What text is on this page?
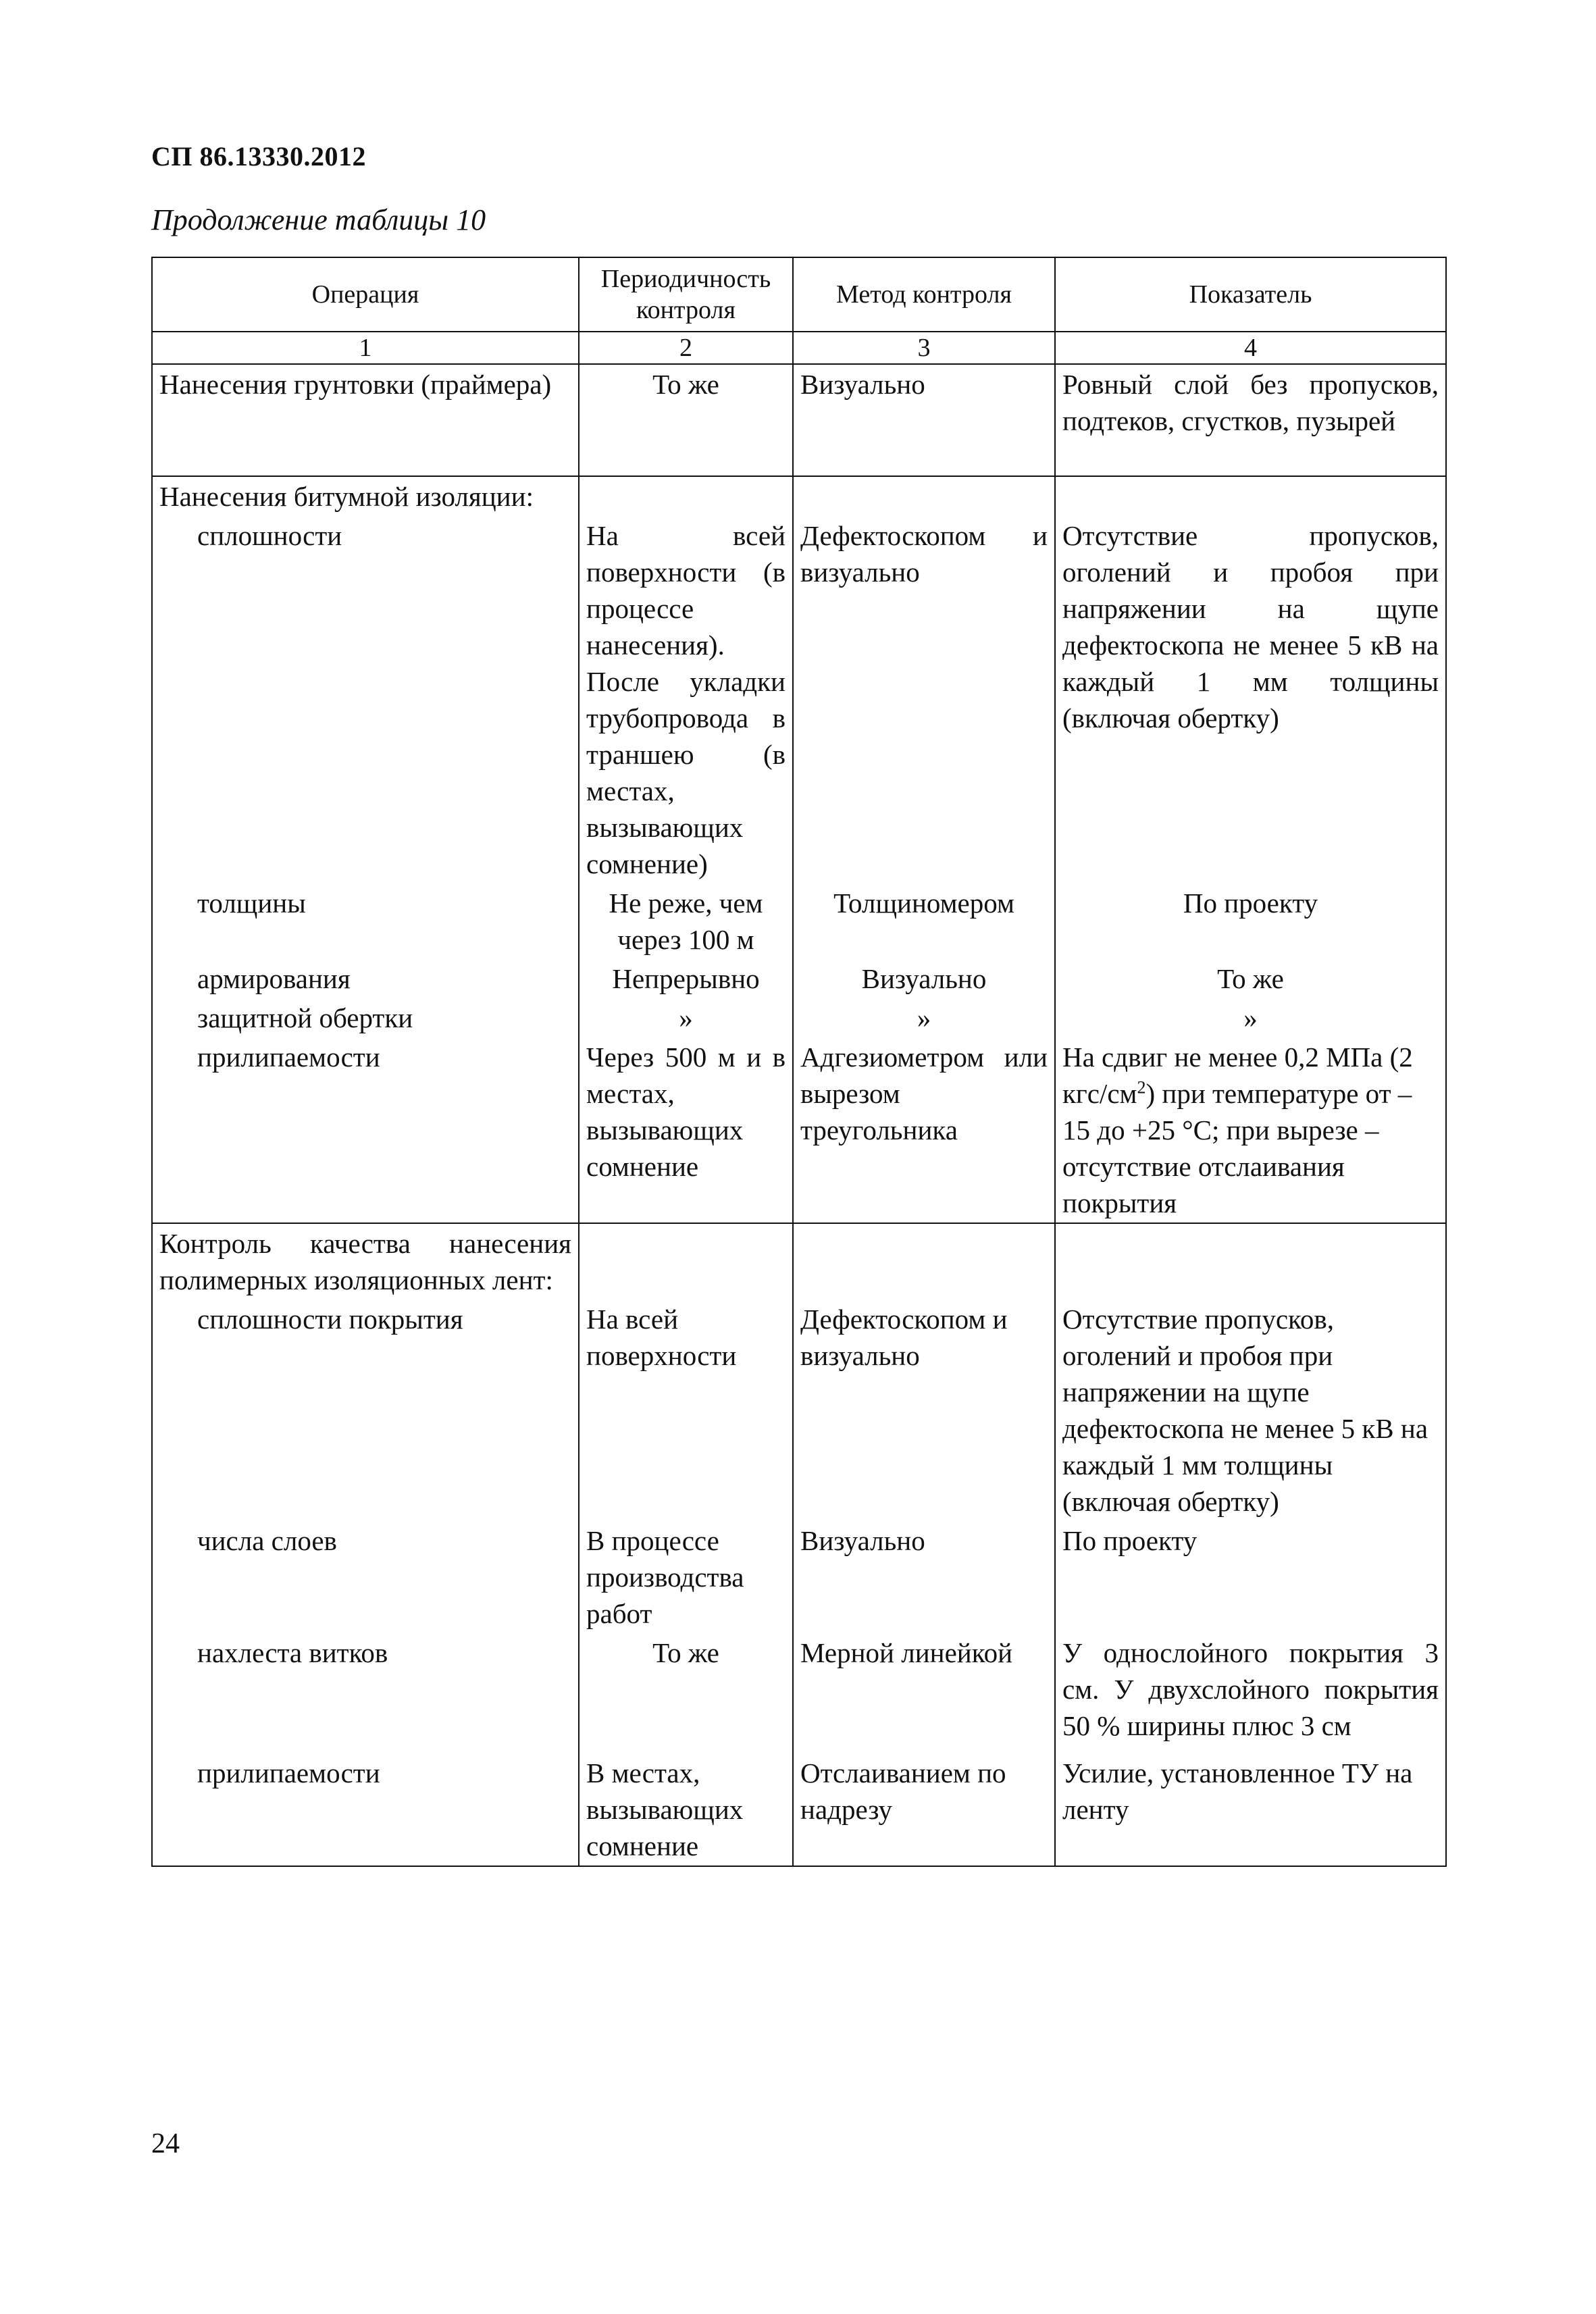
СП 86.13330.2012
Продолжение таблицы 10
Операция	Периодичность контроля	Метод контроля	Показатель
1	2	3	4
Нанесения грунтовки (праймера)	То же	Визуально	Ровный слой без пропусков, подтеков, сгустков, пузырей
Нанесения битумной изоляции:			
сплошности	На всей поверхности (в процессе нанесения). После укладки трубопровода в траншею (в местах, вызывающих сомнение)	Дефектоскопом и визуально	Отсутствие пропусков, оголений и пробоя при напряжении на щупе дефектоскопа не менее 5 кВ на каждый 1 мм толщины (включая обертку)
толщины	Не реже, чем через 100 м	Толщиномером	По проекту
армирования	Непрерывно	Визуально	То же
защитной обертки	»	»	»
прилипаемости	Через 500 м и в местах, вызывающих сомнение	Адгезиометром или вырезом треугольника	На сдвиг не менее 0,2 МПа (2 кгс/$см^2$) при температуре от –15 до +25 °С; при вырезе – отсутствие отслаивания покрытия
Контроль качества нанесения полимерных изоляционных лент:			
сплошности покрытия	На всей поверхности	Дефектоскопом и визуально	Отсутствие пропусков, оголений и пробоя при напряжении на щупе дефектоскопа не менее 5 кВ на каждый 1 мм толщины (включая обертку)
числа слоев	В процессе производства работ	Визуально	По проекту
нахлеста витков	То же	Мерной линейкой	У однослойного покрытия 3 см. У двухслойного покрытия 50 % ширины плюс 3 см
прилипаемости	В местах, вызывающих сомнение	Отслаиванием по надрезу	Усилие, установленное ТУ на ленту
24
